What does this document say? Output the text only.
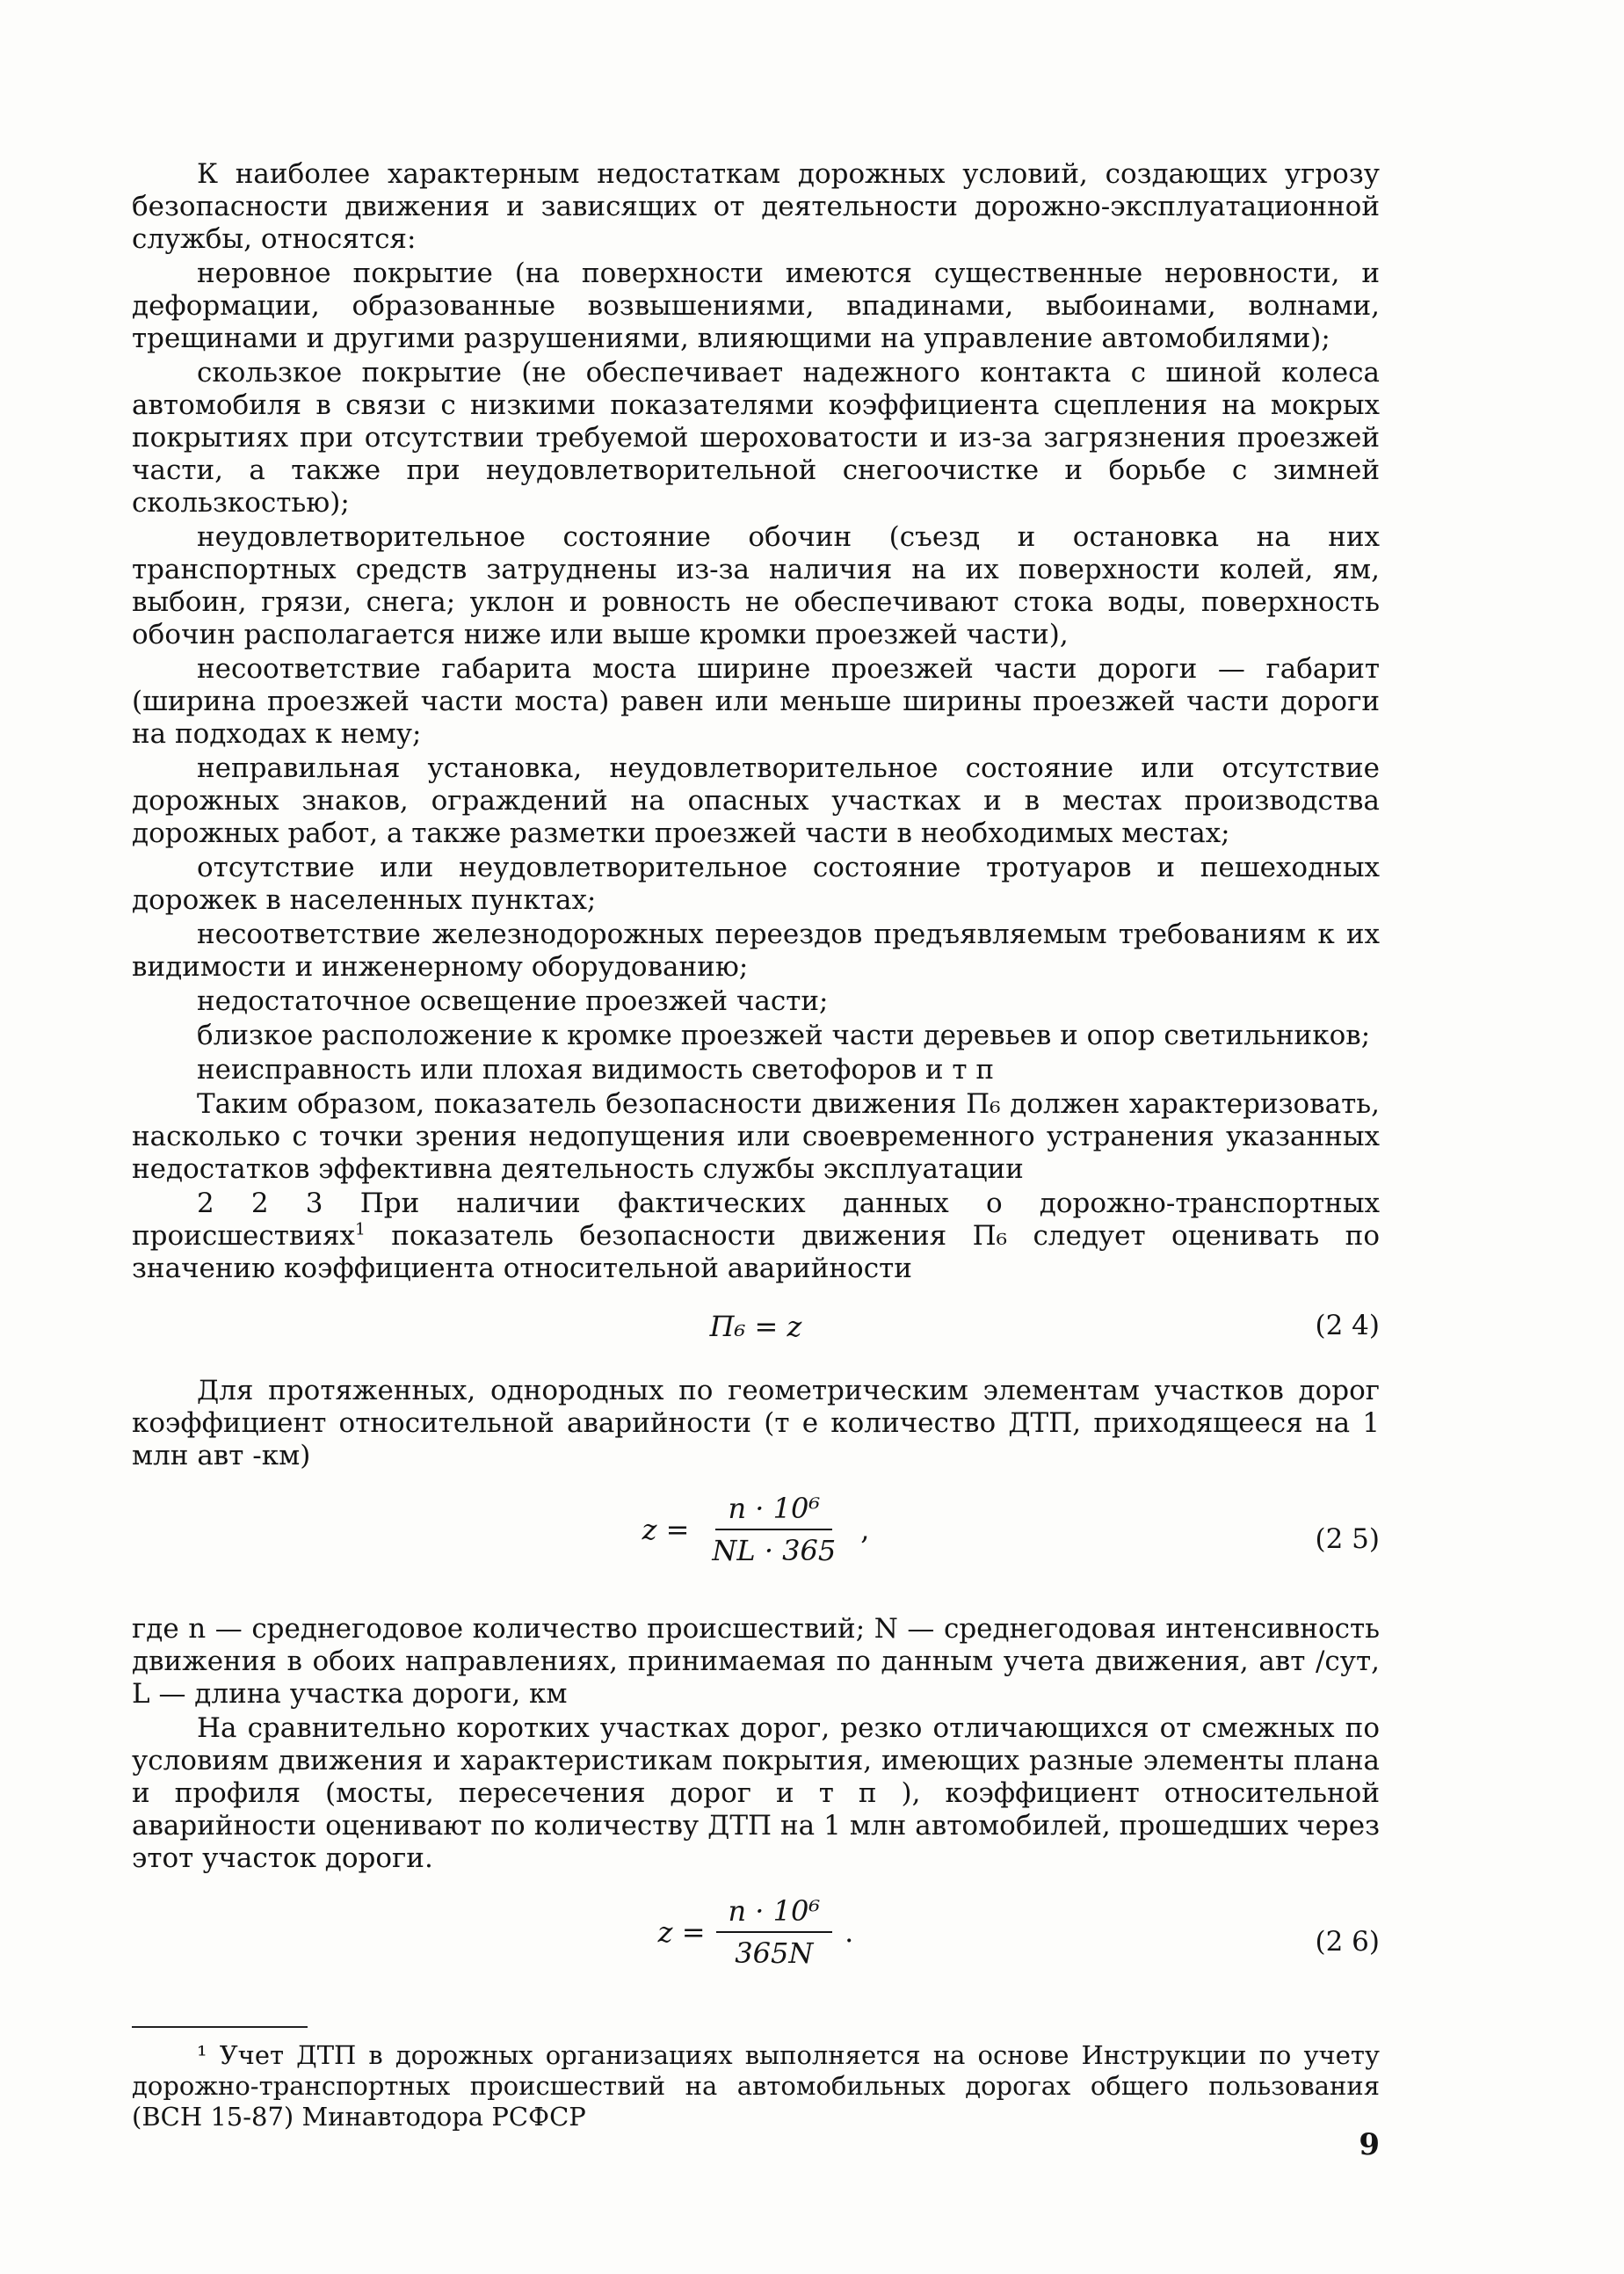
К наиболее характерным недостаткам дорожных условий, создающих угрозу безопасности движения и зависящих от деятельности дорожно-эксплуатационной службы, относятся:

неровное покрытие (на поверхности имеются существенные неровности, и деформации, образованные возвышениями, впадинами, выбоинами, волнами, трещинами и другими разрушениями, влияющими на управление автомобилями);

скользкое покрытие (не обеспечивает надежного контакта с шиной колеса автомобиля в связи с низкими показателями коэффициента сцепления на мокрых покрытиях при отсутствии требуемой шероховатости и из-за загрязнения проезжей части, а также при неудовлетворительной снегоочистке и борьбе с зимней скользкостью);

неудовлетворительное состояние обочин (съезд и остановка на них транспортных средств затруднены из-за наличия на их поверхности колей, ям, выбоин, грязи, снега; уклон и ровность не обеспечивают стока воды, поверхность обочин располагается ниже или выше кромки проезжей части),

несоответствие габарита моста ширине проезжей части дороги — габарит (ширина проезжей части моста) равен или меньше ширины проезжей части дороги на подходах к нему;

неправильная установка, неудовлетворительное состояние или отсутствие дорожных знаков, ограждений на опасных участках и в местах производства дорожных работ, а также разметки проезжей части в необходимых местах;

отсутствие или неудовлетворительное состояние тротуаров и пешеходных дорожек в населенных пунктах;

несоответствие железнодорожных переездов предъявляемым требованиям к их видимости и инженерному оборудованию;

недостаточное освещение проезжей части;

близкое расположение к кромке проезжей части деревьев и опор светильников;

неисправность или плохая видимость светофоров и т п

Таким образом, показатель безопасности движения П₆ должен характеризовать, насколько с точки зрения недопущения или своевременного устранения указанных недостатков эффективна деятельность службы эксплуатации

2 2 3 При наличии фактических данных о дорожно-транспортных происшествиях$^1$ показатель безопасности движения П₆ следует оценивать по значению коэффициента относительной аварийности

П₆ = z	(2 4)

Для протяженных, однородных по геометрическим элементам участков дорог коэффициент относительной аварийности (т е количество ДТП, приходящееся на 1 млн авт -км)

$z = \frac{\text{n · 10⁶}}{NL \cdot 365}$ ,	(2 5)

где n — среднегодовое количество происшествий; N — среднегодовая интенсивность движения в обоих направлениях, принимаемая по данным учета движения, авт /сут, L — длина участка дороги, км

На сравнительно коротких участках дорог, резко отличающихся от смежных по условиям движения и характеристикам покрытия, имеющих разные элементы плана и профиля (мосты, пересечения дорог и т п ), коэффициент относительной аварийности оценивают по количеству ДТП на 1 млн автомобилей, прошедших через этот участок дороги.

$z = \frac{\text{n · 10⁶}}{365N}$ .	(2 6)

¹ Учет ДТП в дорожных организациях выполняется на основе Инструкции по учету дорожно-транспортных происшествий на автомобильных дорогах общего пользования (ВСН 15-87) Минавтодора РСФСР

9
